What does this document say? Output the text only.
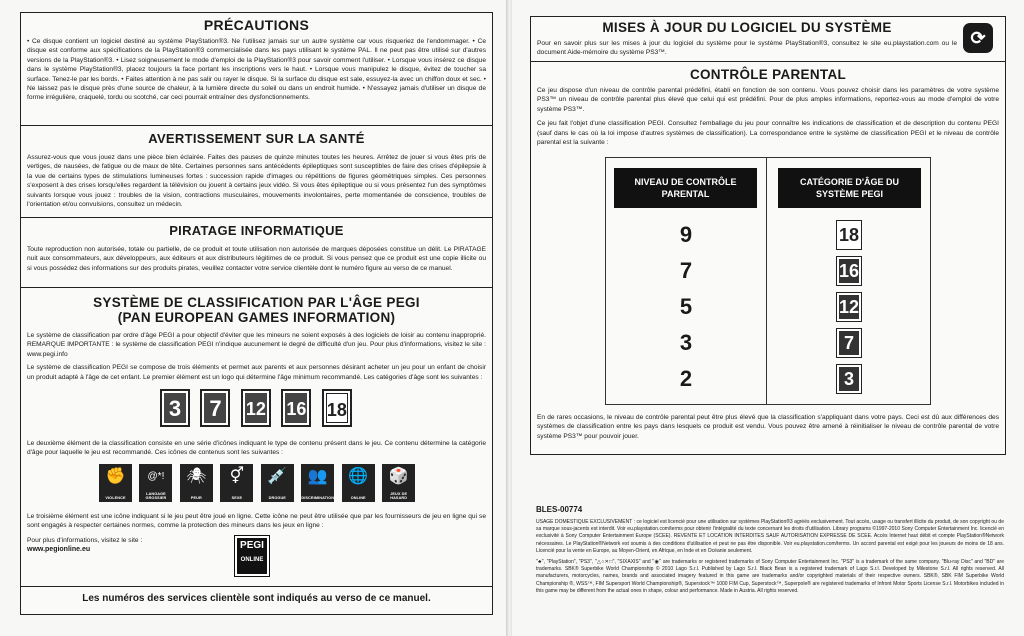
PRÉCAUTIONS

• Ce disque contient un logiciel destiné au système PlayStation®3. Ne l'utilisez jamais sur un autre système car vous risqueriez de l'endommager. • Ce disque est conforme aux spécifications de la PlayStation®3 commercialisée dans les pays utilisant le système PAL. Il ne peut pas être utilisé sur d'autres versions de la PlayStation®3. • Lisez soigneusement le mode d'emploi de la PlayStation®3 pour savoir comment l'utiliser. • Lorsque vous insérez ce disque dans le système PlayStation®3, placez toujours la face portant les inscriptions vers le haut. • Lorsque vous manipulez le disque, évitez de toucher sa surface. Tenez-le par les bords. • Faites attention à ne pas salir ou rayer le disque. Si la surface du disque est sale, essuyez-la avec un chiffon doux et sec. • Ne laissez pas le disque près d'une source de chaleur, à la lumière directe du soleil ou dans un endroit humide. • N'essayez jamais d'utiliser un disque de forme irrégulière, craquelé, tordu ou scotché, car ceci pourrait entraîner des dysfonctionnements.

AVERTISSEMENT SUR LA SANTÉ

Assurez-vous que vous jouez dans une pièce bien éclairée. Faites des pauses de quinze minutes toutes les heures. Arrêtez de jouer si vous êtes pris de vertiges, de nausées, de fatigue ou de maux de tête. Certaines personnes sans antécédents épileptiques sont susceptibles de faire des crises d'épilepsie à la vue de certains types de stimulations lumineuses fortes : succession rapide d'images ou répétitions de figures géométriques simples. Ces personnes s'exposent à des crises lorsqu'elles regardent la télévision ou jouent à certains jeux vidéo. Si vous êtes épileptique ou si vous présentez l'un des symptômes suivants lorsque vous jouez : troubles de la vision, contractions musculaires, mouvements involontaires, perte momentanée de conscience, troubles de l'orientation et/ou convulsions, consultez un médecin.

PIRATAGE INFORMATIQUE

Toute reproduction non autorisée, totale ou partielle, de ce produit et toute utilisation non autorisée de marques déposées constitue un délit. Le PIRATAGE nuit aux consommateurs, aux développeurs, aux éditeurs et aux distributeurs légitimes de ce produit. Si vous pensez que ce produit est une copie illicite ou si vous possédez des informations sur des produits pirates, veuillez contacter votre service clientèle dont le numéro figure au verso de ce manuel.

SYSTÈME DE CLASSIFICATION PAR L'ÂGE PEGI
(PAN EUROPEAN GAMES INFORMATION)

Le système de classification par ordre d'âge PEGI a pour objectif d'éviter que les mineurs ne soient exposés à des logiciels de loisir au contenu inapproprié. REMARQUE IMPORTANTE : le système de classification PEGI n'indique aucunement le degré de difficulté d'un jeu. Pour plus d'informations, visitez le site : www.pegi.info

Le système de classification PEGI se compose de trois éléments et permet aux parents et aux personnes désirant acheter un jeu pour un enfant de choisir un produit adapté à l'âge de cet enfant. Le premier élément est un logo qui détermine l'âge minimum recommandé. Les catégories d'âge sont les suivantes :

3
7
12
16
18

Le deuxième élément de la classification consiste en une série d'icônes indiquant le type de contenu présent dans le jeu. Ce contenu détermine la catégorie d'âge pour laquelle le jeu est recommandé. Ces icônes de contenus sont les suivantes :

✊
VIOLENCE

@*!
LANGAGE GROSSIER

🕷
PEUR

⚥
SEXE

💉
DROGUE

👥
DISCRIMINATION

🌐
ONLINE

🎲
JEUX DE HASARD

Le troisième élément est une icône indiquant si le jeu peut être joué en ligne. Cette icône ne peut être utilisée que par les fournisseurs de jeu en ligne qui se sont engagés à respecter certaines normes, comme la protection des mineurs dans les jeux en ligne :

Pour plus d'informations, visitez le site :

www.pegionline.eu	PEGI
ONLINE
Les numéros des services clientèle sont indiqués au verso de ce manuel.
MISES À JOUR DU LOGICIEL DU SYSTÈME

Pour en savoir plus sur les mises à jour du logiciel du système pour le système PlayStation®3, consultez le site eu.playstation.com ou le document Aide-mémoire du système PS3™.

⟳
CONTRÔLE PARENTAL

Ce jeu dispose d'un niveau de contrôle parental prédéfini, établi en fonction de son contenu. Vous pouvez choisir dans les paramètres de votre système PS3™ un niveau de contrôle parental plus élevé que celui qui est prédéfini. Pour de plus amples informations, reportez-vous au mode d'emploi de votre système PS3™.

Ce jeu fait l'objet d'une classification PEGI. Consultez l'emballage du jeu pour connaître les indications de classification et de description du contenu PEGI (sauf dans le cas où la loi impose d'autres systèmes de classification). La correspondance entre le système de classification PEGI et le niveau de contrôle parental est la suivante :

NIVEAU DE CONTRÔLE
PARENTAL
CATÉGORIE D'ÂGE DU
SYSTÈME PEGI
9	18
7	16
5	12
3	7
2	3

En de rares occasions, le niveau de contrôle parental peut être plus élevé que la classification s'appliquant dans votre pays. Ceci est dû aux différences des systèmes de classification entre les pays dans lesquels ce produit est vendu. Vous pouvez être amené à réinitialiser le niveau de contrôle parental de votre système PS3™ pour pouvoir jouer.

BLES-00774

USAGE DOMESTIQUE EXCLUSIVEMENT : ce logiciel est licencié pour une utilisation sur systèmes PlayStation®3 agréés exclusivement. Tout accès, usage ou transfert illicite du produit, de son copyright ou de sa marque sous-jacents est interdit. Voir eu.playstation.com/terms pour obtenir l'intégralité du texte concernant les droits d'utilisation. Library programs ©1997-2010 Sony Computer Entertainment Inc. licencié en exclusivité à Sony Computer Entertainment Europe (SCEE). REVENTE ET LOCATION INTERDITES SAUF AUTORISATION EXPRESSE DE SCEE. Accès Internet haut débit et compte PlayStation®Network nécessaires. Le PlayStation®Network est soumis à des conditions d'utilisation et peut ne pas être disponible. Voir eu.playstation.com/terms. Un accord parental est exigé pour les joueurs de moins de 18 ans. Licencié pour la vente en Europe, au Moyen-Orient, en Afrique, en Inde et en Océanie seulement.

"♣", "PlayStation", "PS3", "△○✕□", "SIXAXIS" and "◉" are trademarks or registered trademarks of Sony Computer Entertainment Inc. "PS3" is a trademark of the same company. "Blu-ray Disc" and "BD" are trademarks. SBK® Superbike World Championship © 2010 Lago S.r.l. Published by Lago S.r.l. Black Bean is a registered trademark of Lago S.r.l. Developed by Milestone S.r.l. All rights reserved. All manufacturers, motorcycles, names, brands and associated imagery featured in this game are trademarks and/or copyrighted materials of their respective owners. SBK®, SBK FIM Superbike World Championship ®, WSS™, FIM Supersport World Championship®, Superstock™ 1000 FIM Cup, Superstock™, Superpole® are registered trademarks of Infront Motor Sports License S.r.l. Motorbikes included in this game may be different from the actual ones in shape, colour and performance. Made in Austria. All rights reserved.
